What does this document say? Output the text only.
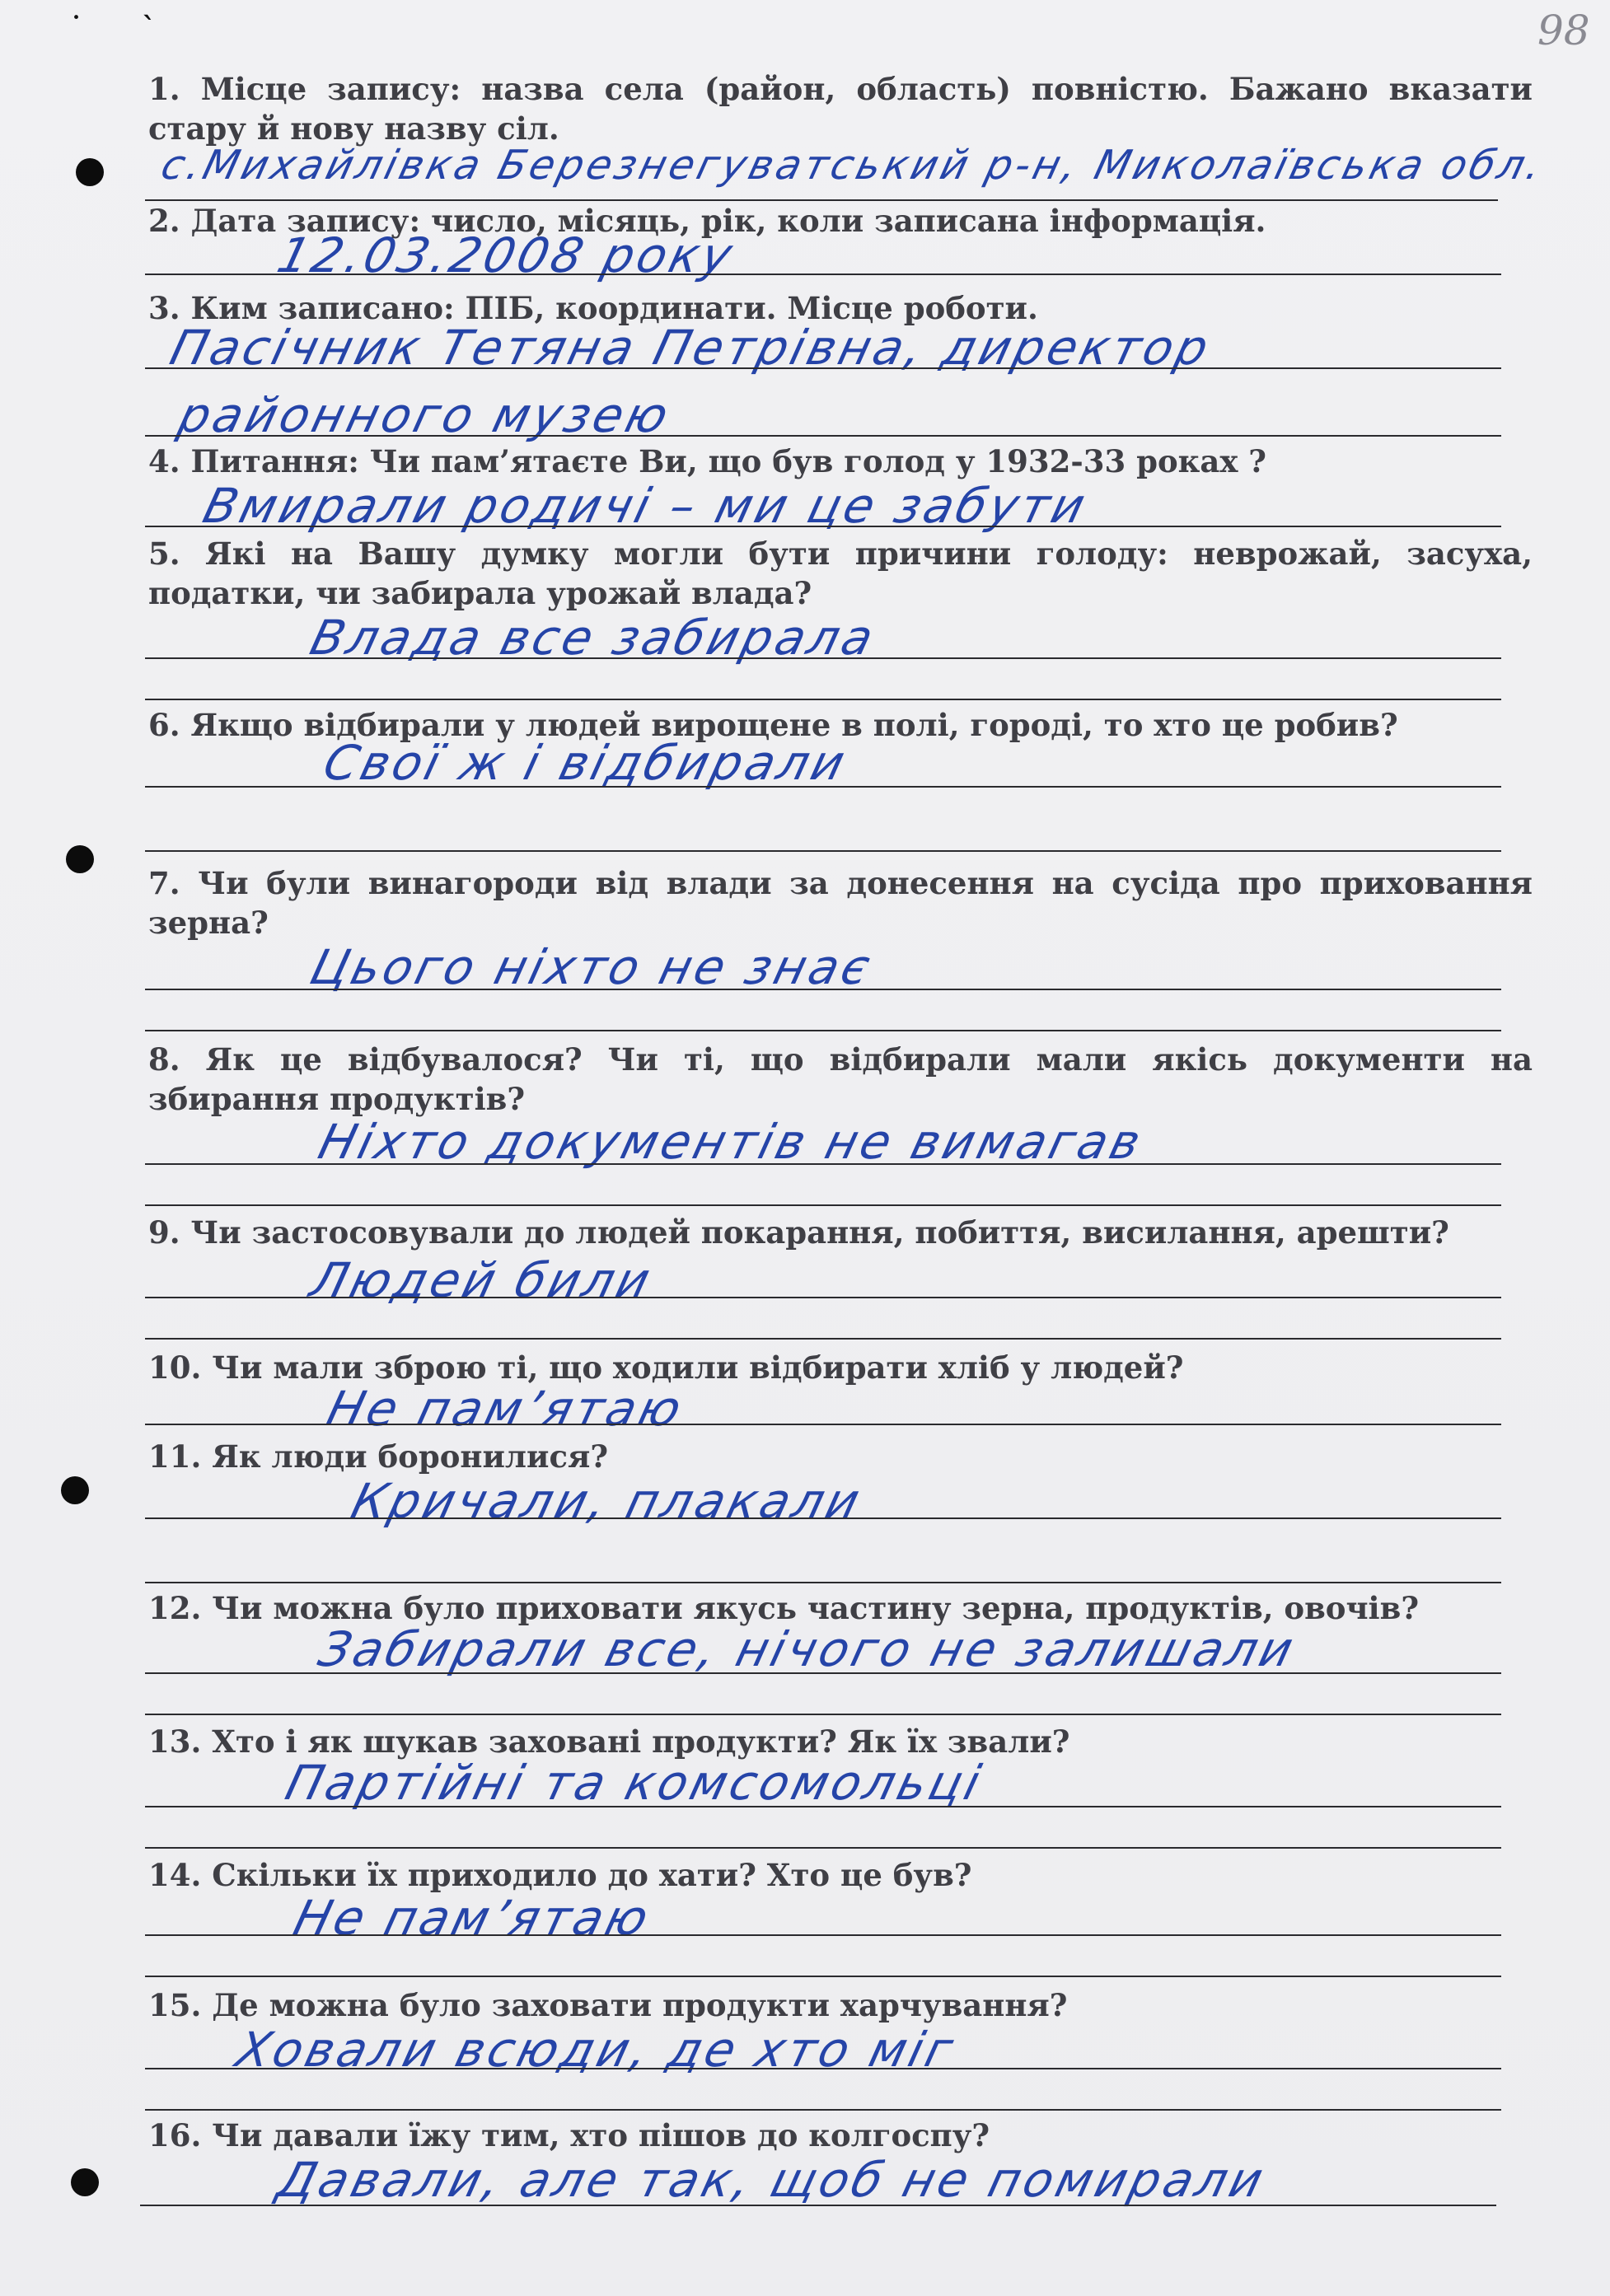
˙ `	98
1. Місце запису: назва села (район, область) повністю. Бажано вказати стару й нову назву сіл.
с.Михайлівка Березнегуватський р-н, Миколаївська обл.
2. Дата запису: число, місяць, рік, коли записана інформація.
12.03.2008 року
3. Ким записано: ПІБ, координати. Місце роботи.
Пасічник Тетяна Петрівна, директор
районного музею
4. Питання: Чи пам’ятаєте Ви, що був голод у 1932-33 роках ?
Вмирали родичі – ми це забути
5. Які на Вашу думку могли бути причини голоду: неврожай, засуха, податки, чи забирала урожай влада?
Влада все забирала
6. Якщо відбирали у людей вирощене в полі, городі, то хто це робив?
Свої ж і відбирали
7. Чи були винагороди від влади за донесення на сусіда про приховання зерна?
Цього ніхто не знає
8. Як це відбувалося? Чи ті, що відбирали мали якісь документи на збирання продуктів?
Ніхто документів не вимагав
9. Чи застосовували до людей покарання, побиття, висилання, арешти?
Людей били
10. Чи мали зброю ті, що ходили відбирати хліб у людей?
Не пам’ятаю
11. Як люди боронилися?
Кричали, плакали
12. Чи можна було приховати якусь частину зерна, продуктів, овочів?
Забирали все, нічого не залишали
13. Хто і як шукав заховані продукти? Як їх звали?
Партійні та комсомольці
14. Скільки їх приходило до хати? Хто це був?
Не пам’ятаю
15. Де можна було заховати продукти харчування?
Ховали всюди, де хто міг
16. Чи давали їжу тим, хто пішов до колгоспу?
Давали, але так, щоб не помирали
